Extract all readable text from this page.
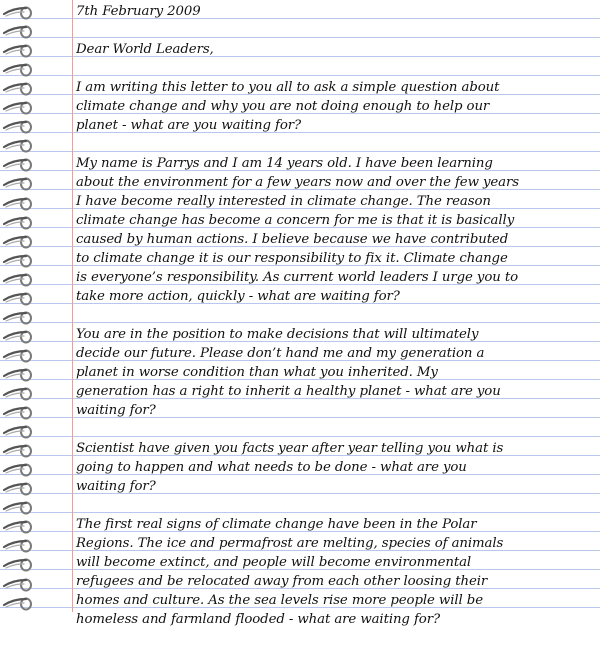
7th February 2009

Dear World Leaders,

I am writing this letter to you all to ask a simple question about
climate change and why you are not doing enough to help our
planet - what are you waiting for?

My name is Parrys and I am 14 years old. I have been learning
about the environment for a few years now and over the few years
I have become really interested in climate change. The reason
climate change has become a concern for me is that it is basically
caused by human actions. I believe because we have contributed
to climate change it is our responsibility to fix it. Climate change
is everyone’s responsibility. As current world leaders I urge you to
take more action, quickly - what are waiting for?

You are in the position to make decisions that will ultimately
decide our future. Please don’t hand me and my generation a
planet in worse condition than what you inherited. My
generation has a right to inherit a healthy planet - what are you
waiting for?

Scientist have given you facts year after year telling you what is
going to happen and what needs to be done - what are you
waiting for?

The first real signs of climate change have been in the Polar
Regions. The ice and permafrost are melting, species of animals
will become extinct, and people will become environmental
refugees and be relocated away from each other loosing their
homes and culture. As the sea levels rise more people will be
homeless and farmland flooded - what are waiting for?
